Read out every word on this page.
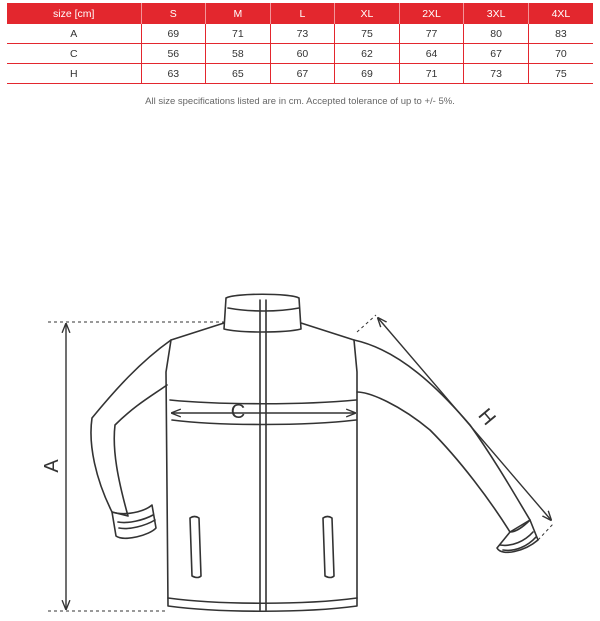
size [cm]	S	M	L	XL	2XL	3XL	4XL
A	69	71	73	75	77	80	83
C	56	58	60	62	64	67	70
H	63	65	67	69	71	73	75
All size specifications listed are in cm. Accepted tolerance of up to +/- 5%.
A
C	H
